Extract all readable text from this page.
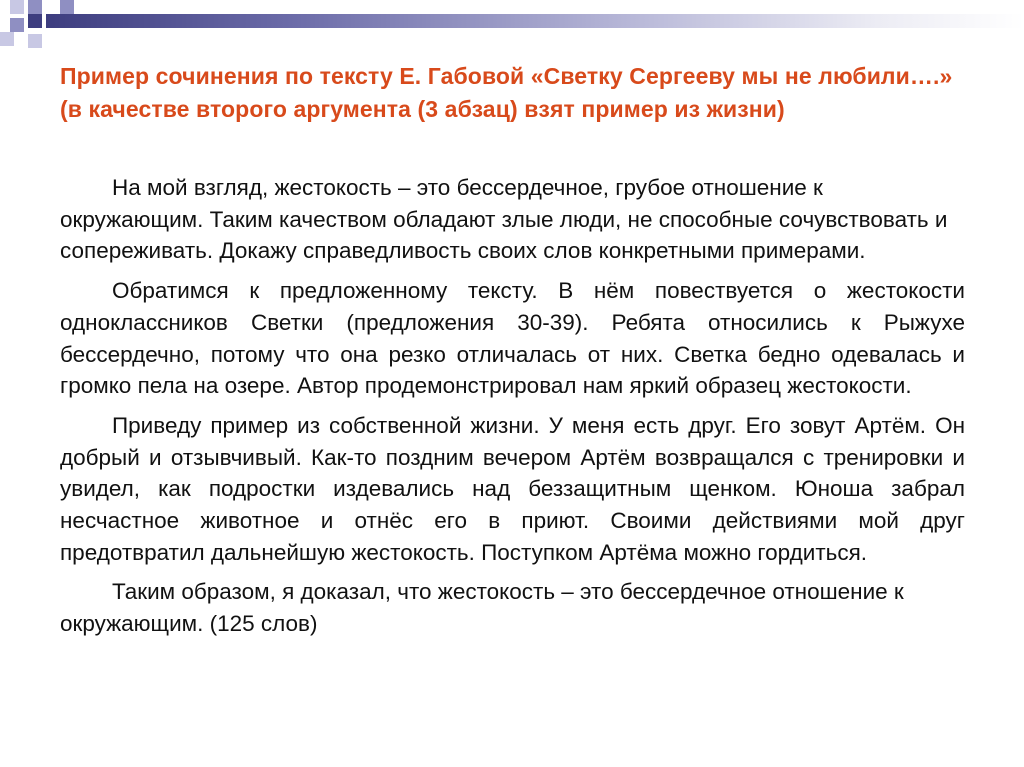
Пример сочинения по тексту Е. Габовой «Светку Сергееву мы не любили….» (в качестве второго аргумента (3 абзац) взят пример из жизни)

На мой взгляд, жестокость – это бессердечное, грубое отношение к окружающим. Таким качеством обладают злые люди, не способные сочувствовать и сопереживать. Докажу справедливость своих слов конкретными примерами.

Обратимся к предложенному тексту. В нём повествуется о жестокости одноклассников Светки (предложения 30-39). Ребята относились к Рыжухе бессердечно, потому что она резко отличалась от них. Светка бедно одевалась и громко пела на озере. Автор продемонстрировал нам яркий образец жестокости.

Приведу пример из собственной жизни. У меня есть друг. Его зовут Артём. Он добрый и отзывчивый. Как-то поздним вечером Артём возвращался с тренировки и увидел, как подростки издевались над беззащитным щенком. Юноша забрал несчастное животное и отнёс его в приют. Своими действиями мой друг предотвратил дальнейшую жестокость. Поступком Артёма можно гордиться.

Таким образом, я доказал, что жестокость – это бессердечное отношение к окружающим. (125 слов)
